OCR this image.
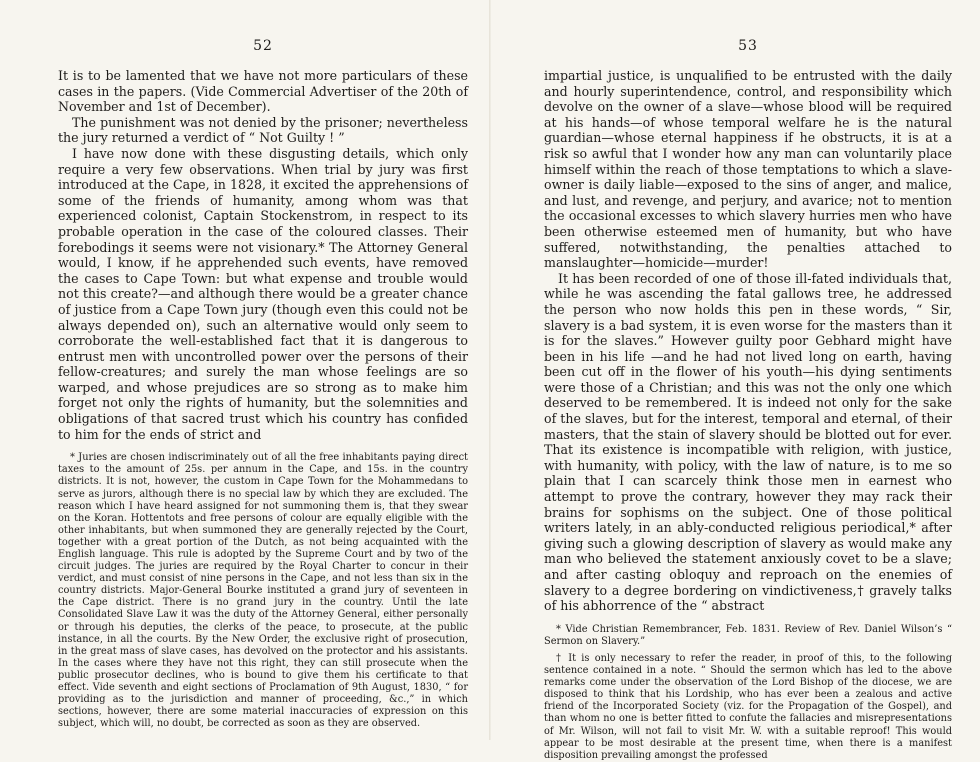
52

It is to be lamented that we have not more particulars of these cases in the papers. (Vide Commercial Advertiser of the 20th of November and 1st of December).

The punishment was not denied by the prisoner; nevertheless the jury returned a verdict of “ Not Guilty ! ”

I have now done with these disgusting details, which only require a very few observations. When trial by jury was first introduced at the Cape, in 1828, it excited the apprehensions of some of the friends of humanity, among whom was that experienced colonist, Captain Stockenstrom, in respect to its probable operation in the case of the coloured classes. Their forebodings it seems were not visionary.* The Attorney General would, I know, if he apprehended such events, have removed the cases to Cape Town: but what expense and trouble would not this create?—and although there would be a greater chance of justice from a Cape Town jury (though even this could not be always depended on), such an alternative would only seem to corroborate the well-established fact that it is dangerous to entrust men with uncontrolled power over the persons of their fellow-creatures; and surely the man whose feelings are so warped, and whose prejudices are so strong as to make him forget not only the rights of humanity, but the solemnities and obligations of that sacred trust which his country has confided to him for the ends of strict and

* Juries are chosen indiscriminately out of all the free inhabitants paying direct taxes to the amount of 25s. per annum in the Cape, and 15s. in the country districts. It is not, however, the custom in Cape Town for the Mohammedans to serve as jurors, although there is no special law by which they are excluded. The reason which I have heard assigned for not summoning them is, that they swear on the Koran. Hottentots and free persons of colour are equally eligible with the other inhabitants, but when summoned they are generally rejected by the Court, together with a great portion of the Dutch, as not being acquainted with the English language. This rule is adopted by the Supreme Court and by two of the circuit judges. The juries are required by the Royal Charter to concur in their verdict, and must consist of nine persons in the Cape, and not less than six in the country districts. Major-General Bourke instituted a grand jury of seventeen in the Cape district. There is no grand jury in the country. Until the late Consolidated Slave Law it was the duty of the Attorney General, either personally or through his deputies, the clerks of the peace, to prosecute, at the public instance, in all the courts. By the New Order, the exclusive right of prosecution, in the great mass of slave cases, has devolved on the protector and his assistants. In the cases where they have not this right, they can still prosecute when the public prosecutor declines, who is bound to give them his certificate to that effect. Vide seventh and eight sections of Proclamation of 9th August, 1830, “ for providing as to the jurisdiction and manner of proceeding, &c.,” in which sections, however, there are some material inaccuracies of expression on this subject, which will, no doubt, be corrected as soon as they are observed.

53

impartial justice, is unqualified to be entrusted with the daily and hourly superintendence, control, and responsibility which devolve on the owner of a slave—whose blood will be required at his hands—of whose temporal welfare he is the natural guardian—whose eternal happiness if he obstructs, it is at a risk so awful that I wonder how any man can voluntarily place himself within the reach of those temptations to which a slave-owner is daily liable—exposed to the sins of anger, and malice, and lust, and revenge, and perjury, and avarice; not to mention the occasional excesses to which slavery hurries men who have been otherwise esteemed men of humanity, but who have suffered, notwithstanding, the penalties attached to manslaughter—homicide—murder!

It has been recorded of one of those ill-fated individuals that, while he was ascending the fatal gallows tree, he addressed the person who now holds this pen in these words, “ Sir, slavery is a bad system, it is even worse for the masters than it is for the slaves.” However guilty poor Gebhard might have been in his life —and he had not lived long on earth, having been cut off in the flower of his youth—his dying sentiments were those of a Christian; and this was not the only one which deserved to be remembered. It is indeed not only for the sake of the slaves, but for the interest, temporal and eternal, of their masters, that the stain of slavery should be blotted out for ever. That its existence is incompatible with religion, with justice, with humanity, with policy, with the law of nature, is to me so plain that I can scarcely think those men in earnest who attempt to prove the contrary, however they may rack their brains for sophisms on the subject. One of those political writers lately, in an ably-conducted religious periodical,* after giving such a glowing description of slavery as would make any man who believed the statement anxiously covet to be a slave; and after casting obloquy and reproach on the enemies of slavery to a degree bordering on vindictiveness,† gravely talks of his abhorrence of the “ abstract

* Vide Christian Remembrancer, Feb. 1831. Review of Rev. Daniel Wilson’s “ Sermon on Slavery.”

† It is only necessary to refer the reader, in proof of this, to the following sentence contained in a note. “ Should the sermon which has led to the above remarks come under the observation of the Lord Bishop of the diocese, we are disposed to think that his Lordship, who has ever been a zealous and active friend of the Incorporated Society (viz. for the Propagation of the Gospel), and than whom no one is better fitted to confute the fallacies and misrepresentations of Mr. Wilson, will not fail to visit Mr. W. with a suitable reproof! This would appear to be most desirable at the present time, when there is a manifest disposition prevailing amongst the professed
